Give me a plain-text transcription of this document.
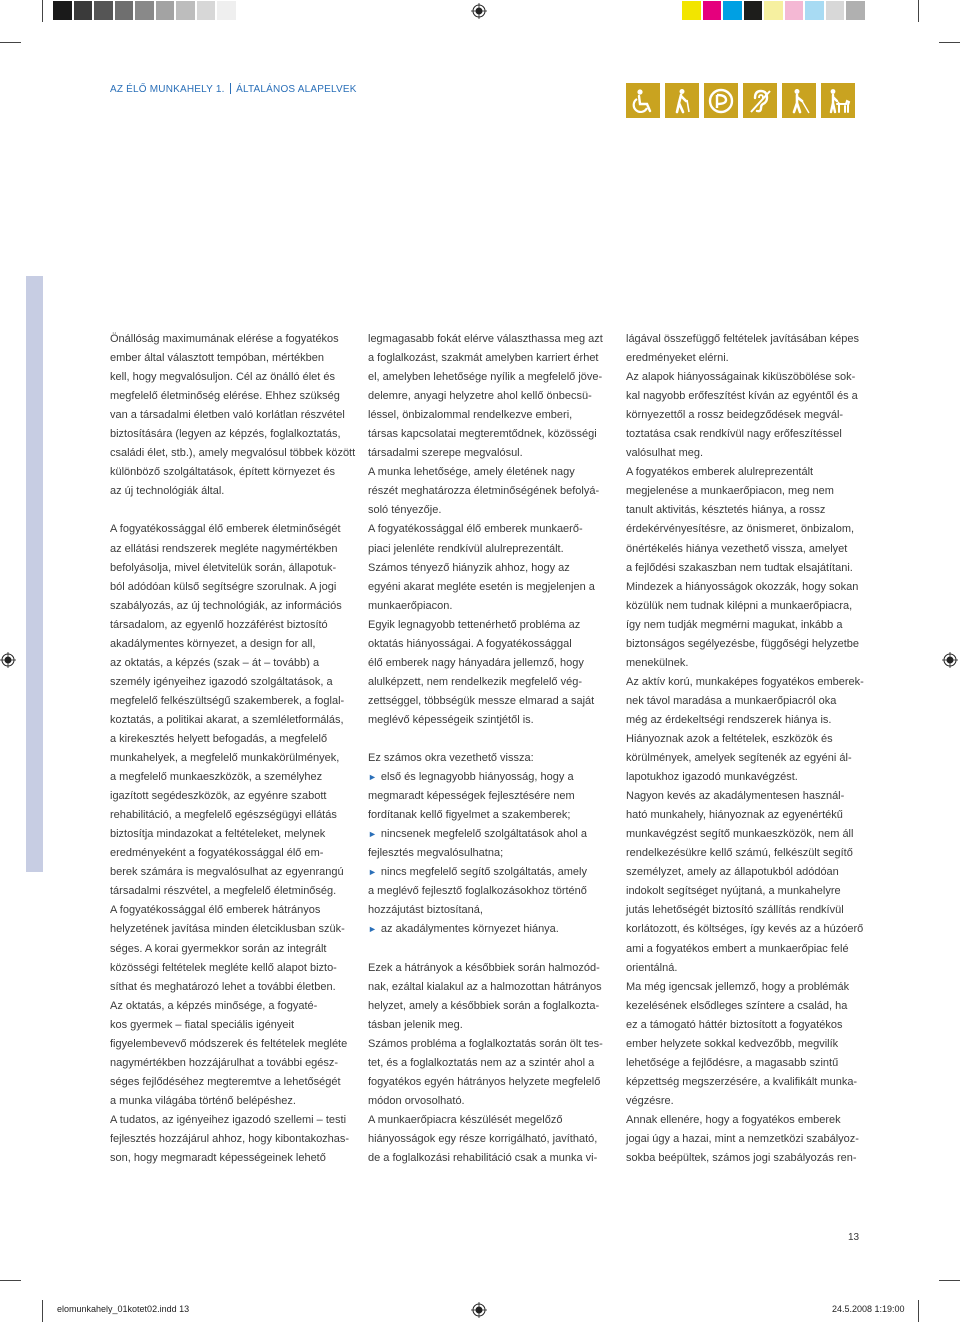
AZ ÉLŐ MUNKAHELY 1. ÁLTALÁNOS ALAPELVEK
Önállóság maximumának elérése a fogyatékos
ember által választott tempóban, mértékben
kell, hogy megvalósuljon. Cél az önálló élet és
megfelelő életminőség elérése. Ehhez szükség
van a társadalmi életben való korlátlan részvétel
biztosítására (legyen az képzés, foglalkoztatás,
családi élet, stb.), amely megvalósul többek között
különböző szolgáltatások, épített környezet és
az új technológiák által.
A fogyatékossággal élő emberek életminőségét
az ellátási rendszerek megléte nagymértékben
befolyásolja, mivel életvitelük során, állapotuk-
ból adódóan külső segítségre szorulnak. A jogi
szabályozás, az új technológiák, az információs
társadalom, az egyenlő hozzáférést biztosító
akadálymentes környezet, a design for all,
az oktatás, a képzés (szak – át – tovább) a
személy igényeihez igazodó szolgáltatások, a
megfelelő felkészültségű szakemberek, a foglal-
koztatás, a politikai akarat, a szemléletformálás,
a kirekesztés helyett befogadás, a megfelelő
munkahelyek, a megfelelő munkakörülmények,
a megfelelő munkaeszközök, a személyhez
igazított segédeszközök, az egyénre szabott
rehabilitáció, a megfelelő egészségügyi ellátás
biztosítja mindazokat a feltételeket, melynek
eredményeként a fogyatékossággal élő em-
berek számára is megvalósulhat az egyenrangú
társadalmi részvétel, a megfelelő életminőség.
A fogyatékossággal élő emberek hátrányos
helyzetének javítása minden életciklusban szük-
séges. A korai gyermekkor során az integrált
közösségi feltételek megléte kellő alapot bizto-
síthat és meghatározó lehet a további életben.
Az oktatás, a képzés minősége, a fogyaté-
kos gyermek – fiatal speciális igényeit
figyelembevevő módszerek és feltételek megléte
nagymértékben hozzájárulhat a további egész-
séges fejlődéséhez megteremtve a lehetőségét
a munka világába történő belépéshez.
A tudatos, az igényeihez igazodó szellemi – testi
fejlesztés hozzájárul ahhoz, hogy kibontakozhas-
son, hogy megmaradt képességeinek lehető
legmagasabb fokát elérve választhassa meg azt
a foglalkozást, szakmát amelyben karriert érhet
el, amelyben lehetősége nyílik a megfelelő jöve-
delemre, anyagi helyzetre ahol kellő önbecsü-
léssel, önbizalommal rendelkezve emberi,
társas kapcsolatai megteremtődnek, közösségi
társadalmi szerepe megvalósul.
A munka lehetősége, amely életének nagy
részét meghatározza életminőségének befolyá-
soló tényezője.
A fogyatékossággal élő emberek munkaerő-
piaci jelenléte rendkívül alulreprezentált.
Számos tényező hiányzik ahhoz, hogy az
egyéni akarat megléte esetén is megjelenjen a
munkaerőpiacon.
Egyik legnagyobb tettenérhető probléma az
oktatás hiányosságai. A fogyatékossággal
élő emberek nagy hányadára jellemző, hogy
alulképzett, nem rendelkezik megfelelő vég-
zettséggel, többségük messze elmarad a saját
meglévő képességeik szintjétől is.
Ez számos okra vezethető vissza:
► első és legnagyobb hiányosság, hogy a
megmaradt képességek fejlesztésére nem
fordítanak kellő figyelmet a szakemberek;
► nincsenek megfelelő szolgáltatások ahol a
fejlesztés megvalósulhatna;
► nincs megfelelő segítő szolgáltatás, amely
a meglévő fejlesztő foglalkozásokhoz történő
hozzájutást biztosítaná,
► az akadálymentes környezet hiánya.
Ezek a hátrányok a későbbiek során halmozód-
nak, ezáltal kialakul az a halmozottan hátrányos
helyzet, amely a későbbiek során a foglalkozta-
tásban jelenik meg.
Számos probléma a foglalkoztatás során ölt tes-
tet, és a foglalkoztatás nem az a szintér ahol a
fogyatékos egyén hátrányos helyzete megfelelő
módon orvosolható.
A munkaerőpiacra készülését megelőző
hiányosságok egy része korrigálható, javítható,
de a foglalkozási rehabilitáció csak a munka vi-
lágával összefüggő feltételek javításában képes
eredményeket elérni.
Az alapok hiányosságainak kiküszöbölése sok-
kal nagyobb erőfeszítést kíván az egyéntől és a
környezettől a rossz beidegződések megvál-
toztatása csak rendkívül nagy erőfeszítéssel
valósulhat meg.
A fogyatékos emberek alulreprezentált
megjelenése a munkaerőpiacon, meg nem
tanult aktivitás, késztetés hiánya, a rossz
érdekérvényesítésre, az önismeret, önbizalom,
önértékelés hiánya vezethető vissza, amelyet
a fejlődési szakaszban nem tudtak elsajátítani.
Mindezek a hiányosságok okozzák, hogy sokan
közülük nem tudnak kilépni a munkaerőpiacra,
így nem tudják megmérni magukat, inkább a
biztonságos segélyezésbe, függőségi helyzetbe
menekülnek.
Az aktív korú, munkaképes fogyatékos emberek-
nek távol maradása a munkaerőpiacról oka
még az érdekeltségi rendszerek hiánya is.
Hiányoznak azok a feltételek, eszközök és
körülmények, amelyek segítenék az egyéni ál-
lapotukhoz igazodó munkavégzést.
Nagyon kevés az akadálymentesen használ-
ható munkahely, hiányoznak az egyenértékű
munkavégzést segítő munkaeszközök, nem áll
rendelkezésükre kellő számú, felkészült segítő
személyzet, amely az állapotukból adódóan
indokolt segítséget nyújtaná, a munkahelyre
jutás lehetőségét biztosító szállítás rendkívül
korlátozott, és költséges, így kevés az a húzóerő
ami a fogyatékos embert a munkaerőpiac felé
orientálná.
Ma még igencsak jellemző, hogy a problémák
kezelésének elsődleges színtere a család, ha
ez a támogató háttér biztosított a fogyatékos
ember helyzete sokkal kedvezőbb, megvilík
lehetősége a fejlődésre, a magasabb szintű
képzettség megszerzésére, a kvalifikált munka-
végzésre.
Annak ellenére, hogy a fogyatékos emberek
jogai úgy a hazai, mint a nemzetközi szabályoz-
sokba beépültek, számos jogi szabályozás ren-
13
elomunkahely_01kotet02.indd 13	24.5.2008 1:19:00
